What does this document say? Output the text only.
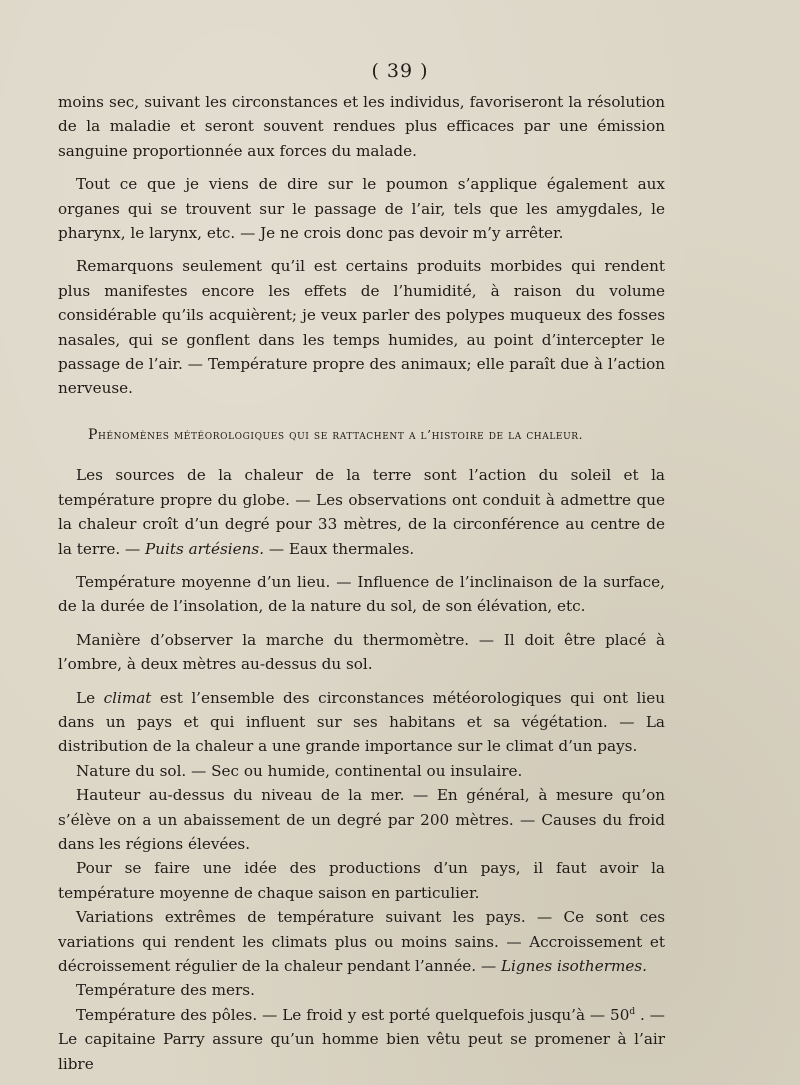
( 39 )

moins sec, suivant les circonstances et les individus, favoriseront la résolution de la maladie et seront souvent rendues plus efficaces par une émission sanguine proportionnée aux forces du malade.

Tout ce que je viens de dire sur le poumon s’applique également aux organes qui se trouvent sur le passage de l’air, tels que les amygdales, le pharynx, le larynx, etc. — Je ne crois donc pas devoir m’y arrêter.

Remarquons seulement qu’il est certains produits morbides qui rendent plus manifestes encore les effets de l’humidité, à raison du volume considérable qu’ils acquièrent; je veux parler des polypes muqueux des fosses nasales, qui se gonflent dans les temps humides, au point d’intercepter le passage de l’air. — Température propre des animaux; elle paraît due à l’action nerveuse.

Phénomènes météorologiques qui se rattachent a l’histoire de la chaleur.

Les sources de la chaleur de la terre sont l’action du soleil et la température propre du globe. — Les observations ont conduit à admettre que la chaleur croît d’un degré pour 33 mètres, de la circonférence au centre de la terre. — Puits artésiens. — Eaux thermales.

Température moyenne d’un lieu. — Influence de l’inclinaison de la surface, de la durée de l’insolation, de la nature du sol, de son élévation, etc.

Manière d’observer la marche du thermomètre. — Il doit être placé à l’ombre, à deux mètres au-dessus du sol.

Le climat est l’ensemble des circonstances météorologiques qui ont lieu dans un pays et qui influent sur ses habitans et sa végétation. — La distribution de la chaleur a une grande importance sur le climat d’un pays.

Nature du sol. — Sec ou humide, continental ou insulaire.

Hauteur au-dessus du niveau de la mer. — En général, à mesure qu’on s’élève on a un abaissement de un degré par 200 mètres. — Causes du froid dans les régions élevées.

Pour se faire une idée des productions d’un pays, il faut avoir la température moyenne de chaque saison en particulier.

Variations extrêmes de température suivant les pays. — Ce sont ces variations qui rendent les climats plus ou moins sains. — Accroissement et décroissement régulier de la chaleur pendant l’année. — Lignes isothermes.

Température des mers.

Température des pôles. — Le froid y est porté quelquefois jusqu’à — 50$^d$ . — Le capitaine Parry assure qu’un homme bien vêtu peut se promener à l’air libre
